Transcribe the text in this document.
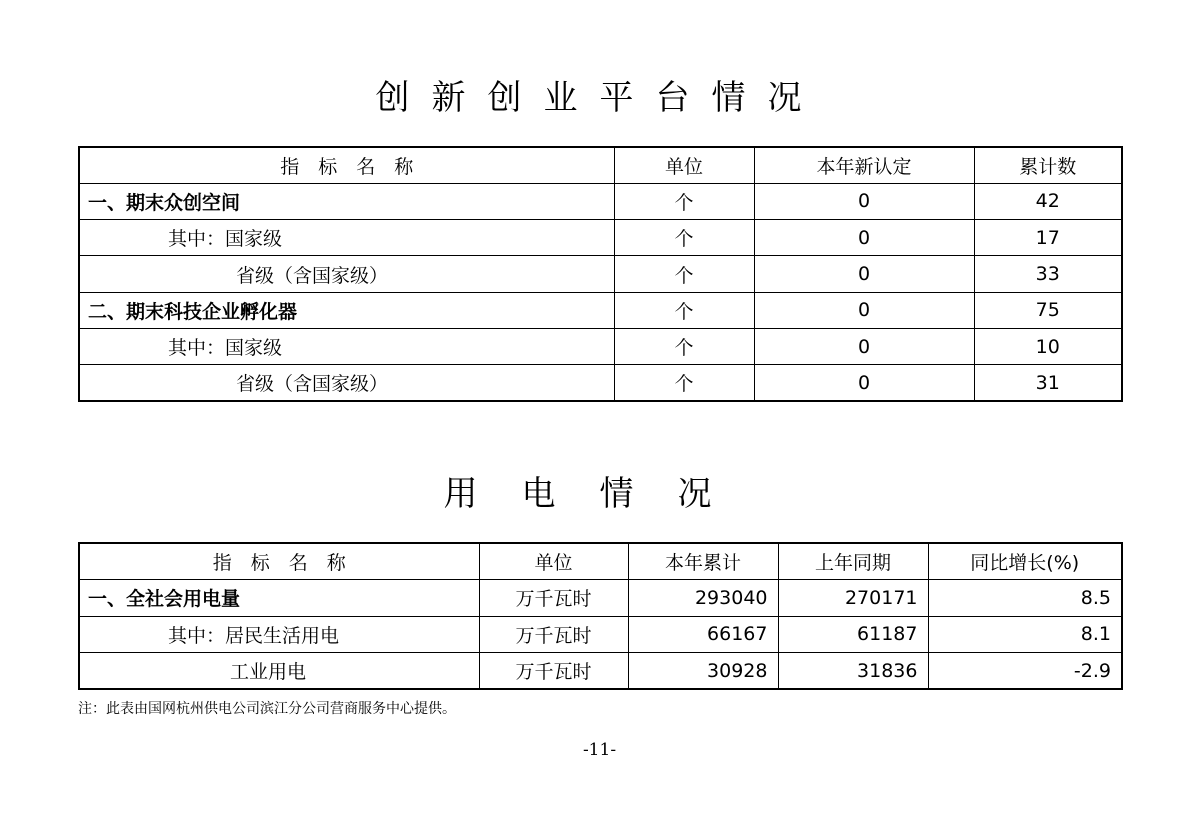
创新创业平台情况
指　标　名　称	单位	本年新认定	累计数
一、期末众创空间	个	0	42
其中：国家级	个	0	17
省级（含国家级）	个	0	33
二、期末科技企业孵化器	个	0	75
其中：国家级	个	0	10
省级（含国家级）	个	0	31
用电情况
指　标　名　称	单位	本年累计	上年同期	同比增长(%)
一、全社会用电量	万千瓦时	293040	270171	8.5
其中：居民生活用电	万千瓦时	66167	61187	8.1
工业用电	万千瓦时	30928	31836	-2.9
注：此表由国网杭州供电公司滨江分公司营商服务中心提供。
-11-
